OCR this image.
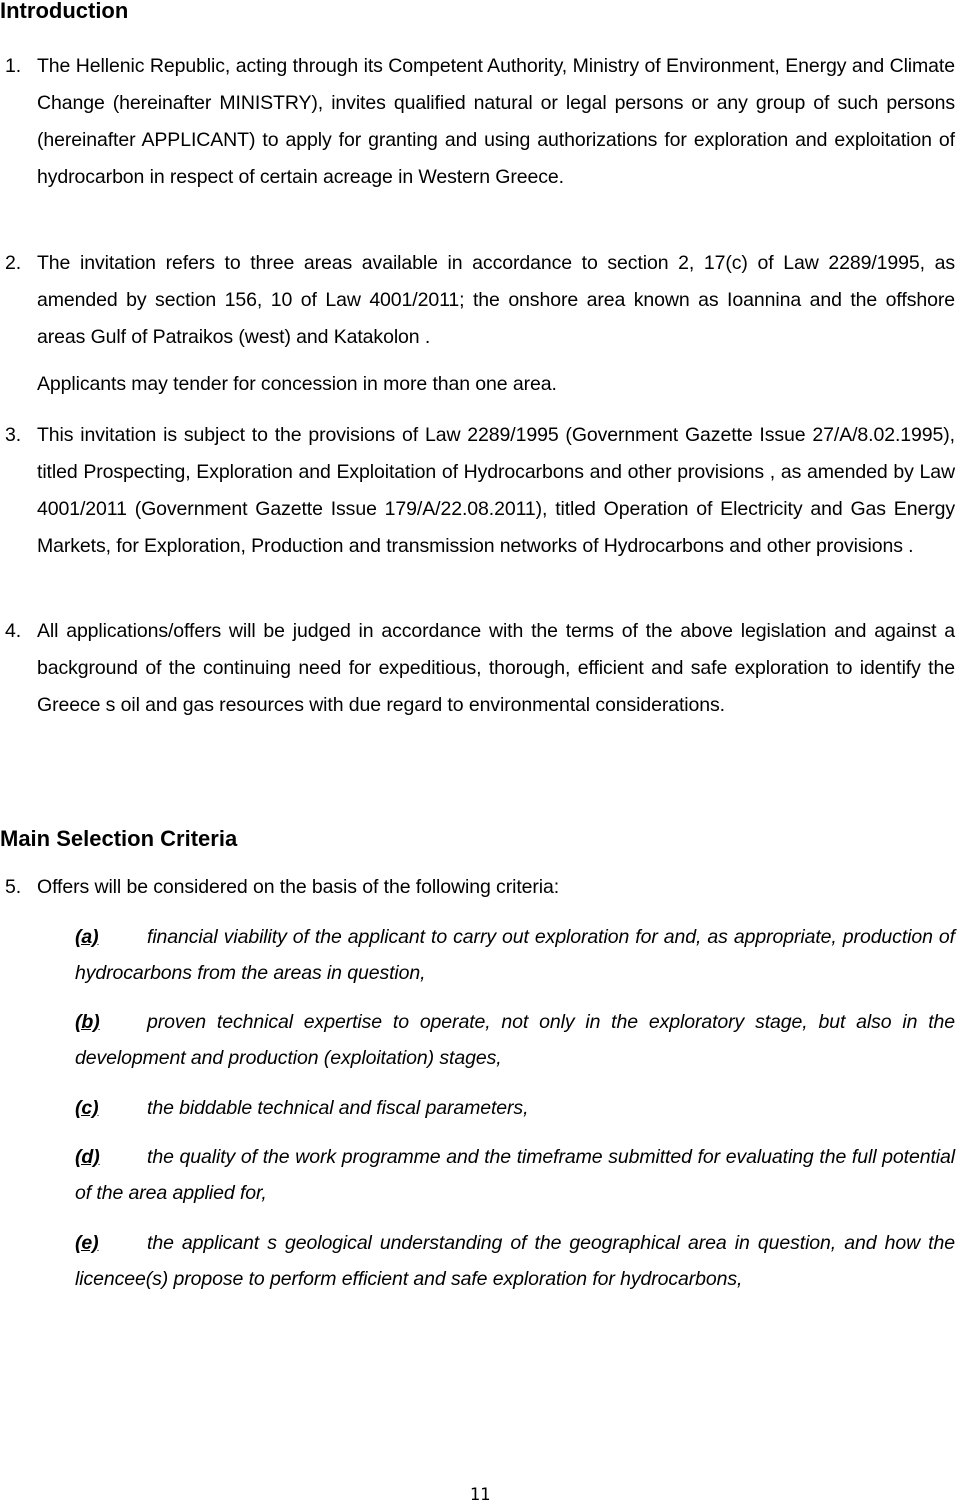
Introduction

1. The Hellenic Republic, acting through its Competent Authority, Ministry of Environment, Energy and Climate Change (hereinafter MINISTRY), invites qualified natural or legal persons or any group of such persons (hereinafter APPLICANT) to apply for granting and using authorizations for exploration and exploitation of hydrocarbon in respect of certain acreage in Western Greece.

2. The invitation refers to three areas available in accordance to section 2, 17(c) of Law 2289/1995, as amended by section 156, 10 of Law 4001/2011; the onshore area known as Ioannina and the offshore areas Gulf of Patraikos (west) and Katakolon .

Applicants may tender for concession in more than one area.

3. This invitation is subject to the provisions of Law 2289/1995 (Government Gazette Issue 27/A/8.02.1995), titled Prospecting, Exploration and Exploitation of Hydrocarbons and other provisions , as amended by Law 4001/2011 (Government Gazette Issue 179/A/22.08.2011), titled Operation of Electricity and Gas Energy Markets, for Exploration, Production and transmission networks of Hydrocarbons and other provisions .

4. All applications/offers will be judged in accordance with the terms of the above legislation and against a background of the continuing need for expeditious, thorough, efficient and safe exploration to identify the Greece s oil and gas resources with due regard to environmental considerations.

Main Selection Criteria

5. Offers will be considered on the basis of the following criteria:

(a) financial viability of the applicant to carry out exploration for and, as appropriate, production of hydrocarbons from the areas in question,

(b) proven technical expertise to operate, not only in the exploratory stage, but also in the development and production (exploitation) stages,

(c) the biddable technical and fiscal parameters,

(d) the quality of the work programme and the timeframe submitted for evaluating the full potential of the area applied for,

(e) the applicant s geological understanding of the geographical area in question, and how the licencee(s) propose to perform efficient and safe exploration for hydrocarbons,

11
